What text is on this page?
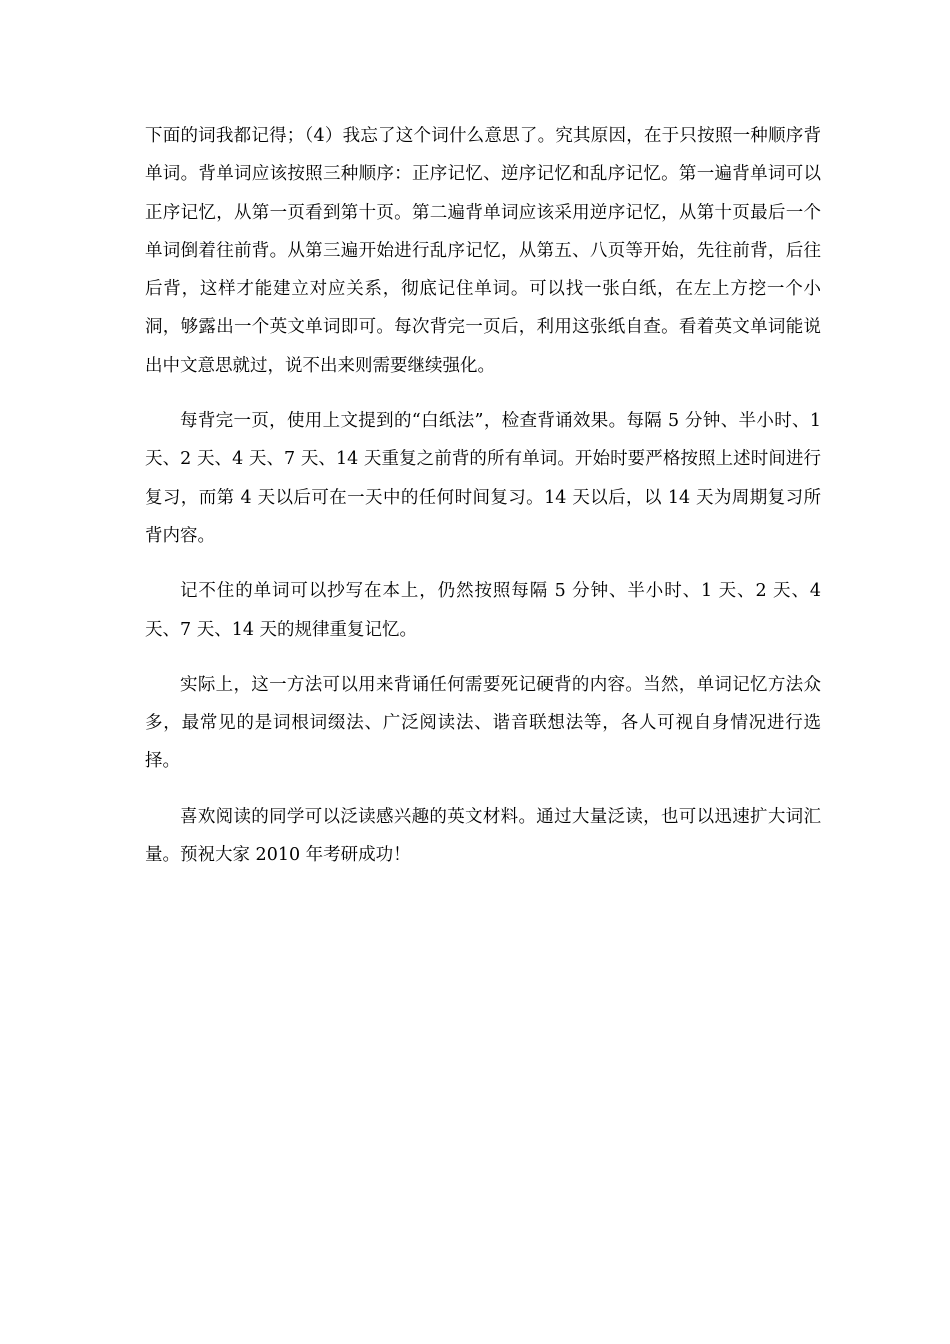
下面的词我都记得；（4）我忘了这个词什么意思了。究其原因，在于只按照一种顺序背单词。背单词应该按照三种顺序：正序记忆、逆序记忆和乱序记忆。第一遍背单词可以正序记忆，从第一页看到第十页。第二遍背单词应该采用逆序记忆，从第十页最后一个单词倒着往前背。从第三遍开始进行乱序记忆，从第五、八页等开始，先往前背，后往后背，这样才能建立对应关系，彻底记住单词。可以找一张白纸，在左上方挖一个小洞，够露出一个英文单词即可。每次背完一页后，利用这张纸自查。看着英文单词能说出中文意思就过，说不出来则需要继续强化。

每背完一页，使用上文提到的“白纸法”，检查背诵效果。每隔 5 分钟、半小时、1 天、2 天、4 天、7 天、14 天重复之前背的所有单词。开始时要严格按照上述时间进行复习，而第 4 天以后可在一天中的任何时间复习。14 天以后，以 14 天为周期复习所背内容。

记不住的单词可以抄写在本上，仍然按照每隔 5 分钟、半小时、1 天、2 天、4 天、7 天、14 天的规律重复记忆。

实际上，这一方法可以用来背诵任何需要死记硬背的内容。当然，单词记忆方法众多，最常见的是词根词缀法、广泛阅读法、谐音联想法等，各人可视自身情况进行选择。

喜欢阅读的同学可以泛读感兴趣的英文材料。通过大量泛读，也可以迅速扩大词汇量。预祝大家 2010 年考研成功！
